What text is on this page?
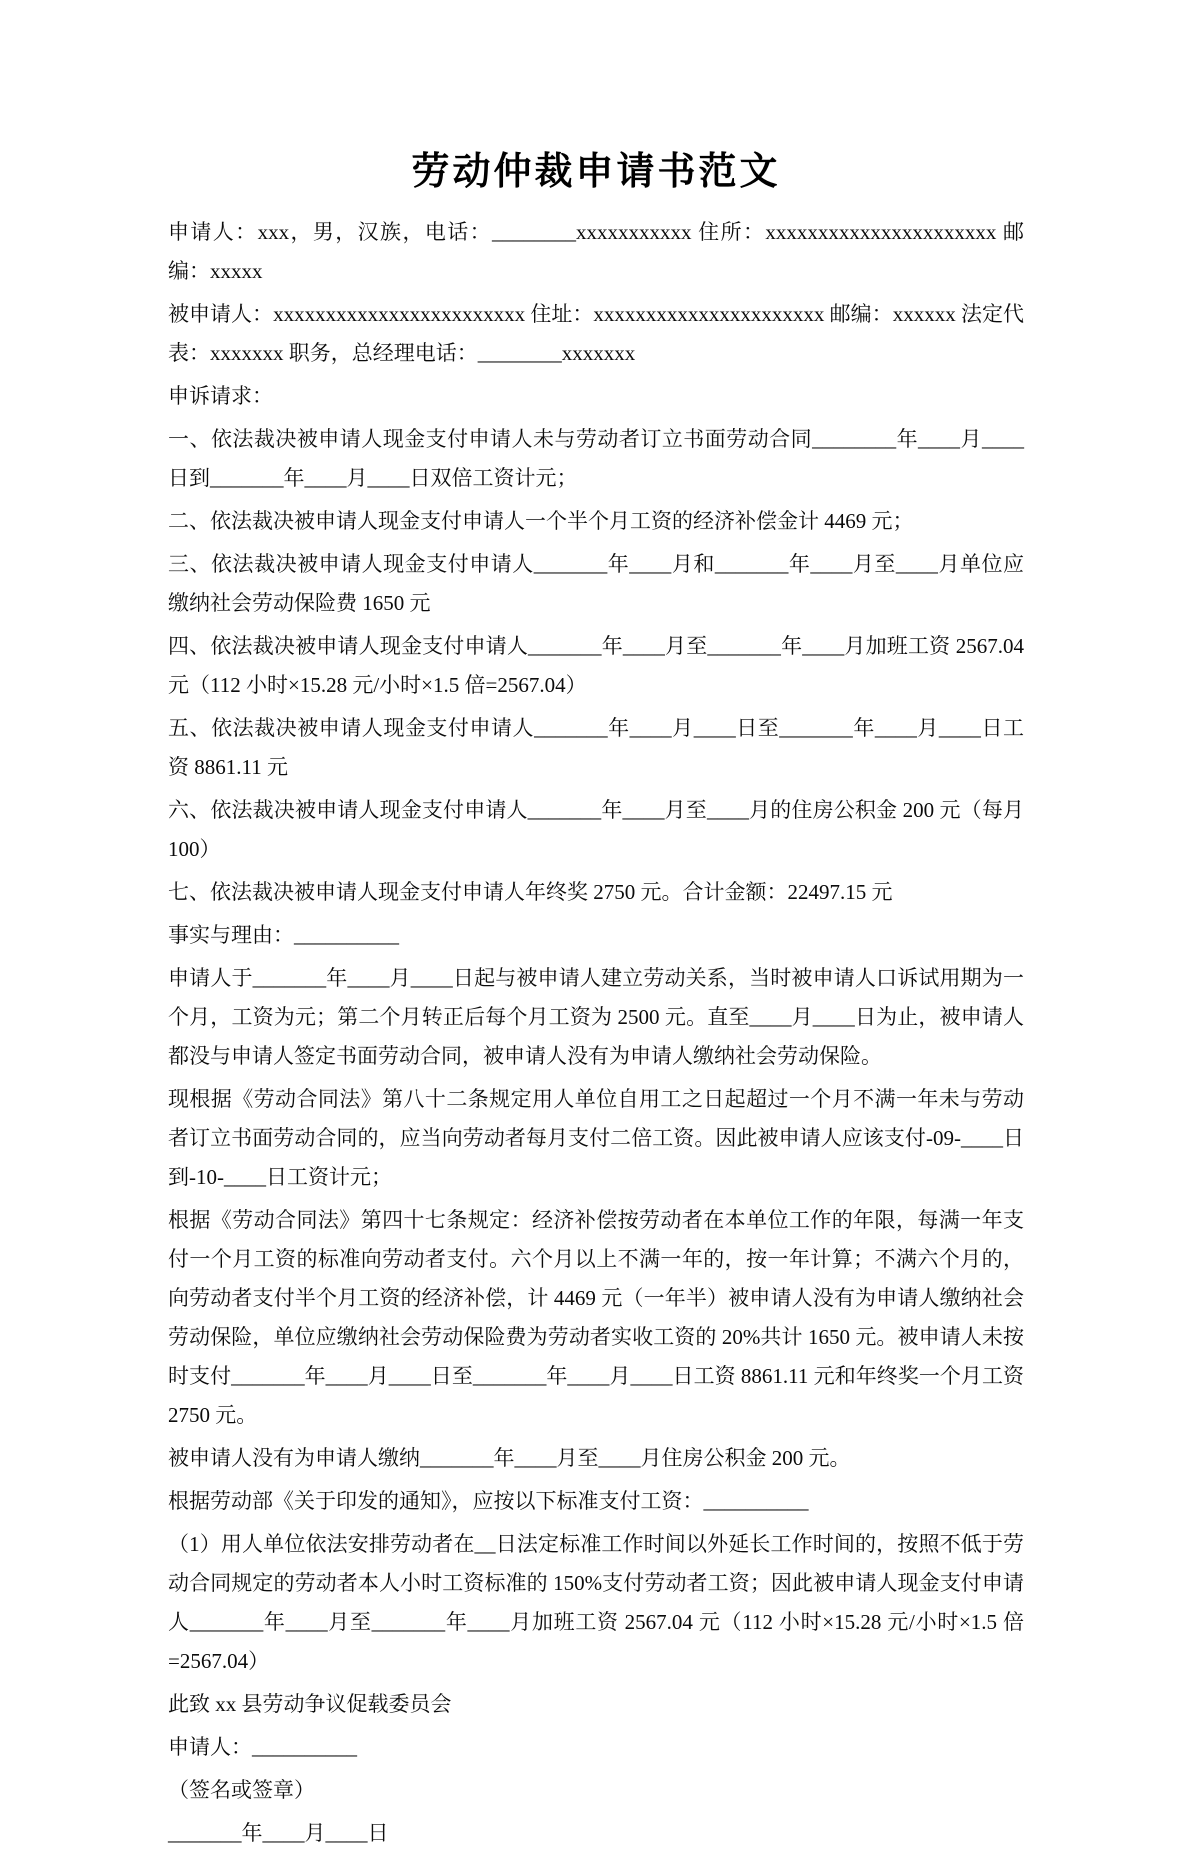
劳动仲裁申请书范文

申请人：xxx，男，汉族，电话：________xxxxxxxxxxx 住所：xxxxxxxxxxxxxxxxxxxxxx 邮编：xxxxx

被申请人：xxxxxxxxxxxxxxxxxxxxxxxx 住址：xxxxxxxxxxxxxxxxxxxxxx 邮编：xxxxxx 法定代表：xxxxxxx 职务，总经理电话：________xxxxxxx

申诉请求：

一、依法裁决被申请人现金支付申请人未与劳动者订立书面劳动合同________年____月____日到_______年____月____日双倍工资计元；

二、依法裁决被申请人现金支付申请人一个半个月工资的经济补偿金计 4469 元；

三、依法裁决被申请人现金支付申请人_______年____月和_______年____月至____月单位应缴纳社会劳动保险费 1650 元

四、依法裁决被申请人现金支付申请人_______年____月至_______年____月加班工资 2567.04 元（112 小时×15.28 元/小时×1.5 倍=2567.04）

五、依法裁决被申请人现金支付申请人_______年____月____日至_______年____月____日工资 8861.11 元

六、依法裁决被申请人现金支付申请人_______年____月至____月的住房公积金 200 元（每月 100）

七、依法裁决被申请人现金支付申请人年终奖 2750 元。合计金额：22497.15 元

事实与理由：__________

申请人于_______年____月____日起与被申请人建立劳动关系，当时被申请人口诉试用期为一个月，工资为元；第二个月转正后每个月工资为 2500 元。直至____月____日为止，被申请人都没与申请人签定书面劳动合同，被申请人没有为申请人缴纳社会劳动保险。

现根据《劳动合同法》第八十二条规定用人单位自用工之日起超过一个月不满一年未与劳动者订立书面劳动合同的，应当向劳动者每月支付二倍工资。因此被申请人应该支付-09-____日到-10-____日工资计元；

根据《劳动合同法》第四十七条规定：经济补偿按劳动者在本单位工作的年限，每满一年支付一个月工资的标准向劳动者支付。六个月以上不满一年的，按一年计算；不满六个月的，向劳动者支付半个月工资的经济补偿，计 4469 元（一年半）被申请人没有为申请人缴纳社会劳动保险，单位应缴纳社会劳动保险费为劳动者实收工资的 20%共计 1650 元。被申请人未按时支付_______年____月____日至_______年____月____日工资 8861.11 元和年终奖一个月工资 2750 元。

被申请人没有为申请人缴纳_______年____月至____月住房公积金 200 元。

根据劳动部《关于印发的通知》，应按以下标准支付工资：__________

（1）用人单位依法安排劳动者在__日法定标准工作时间以外延长工作时间的，按照不低于劳动合同规定的劳动者本人小时工资标准的 150%支付劳动者工资；因此被申请人现金支付申请人_______年____月至_______年____月加班工资 2567.04 元（112 小时×15.28 元/小时×1.5 倍=2567.04）

此致 xx 县劳动争议促载委员会

申请人：__________

（签名或签章）

_______年____月____日
